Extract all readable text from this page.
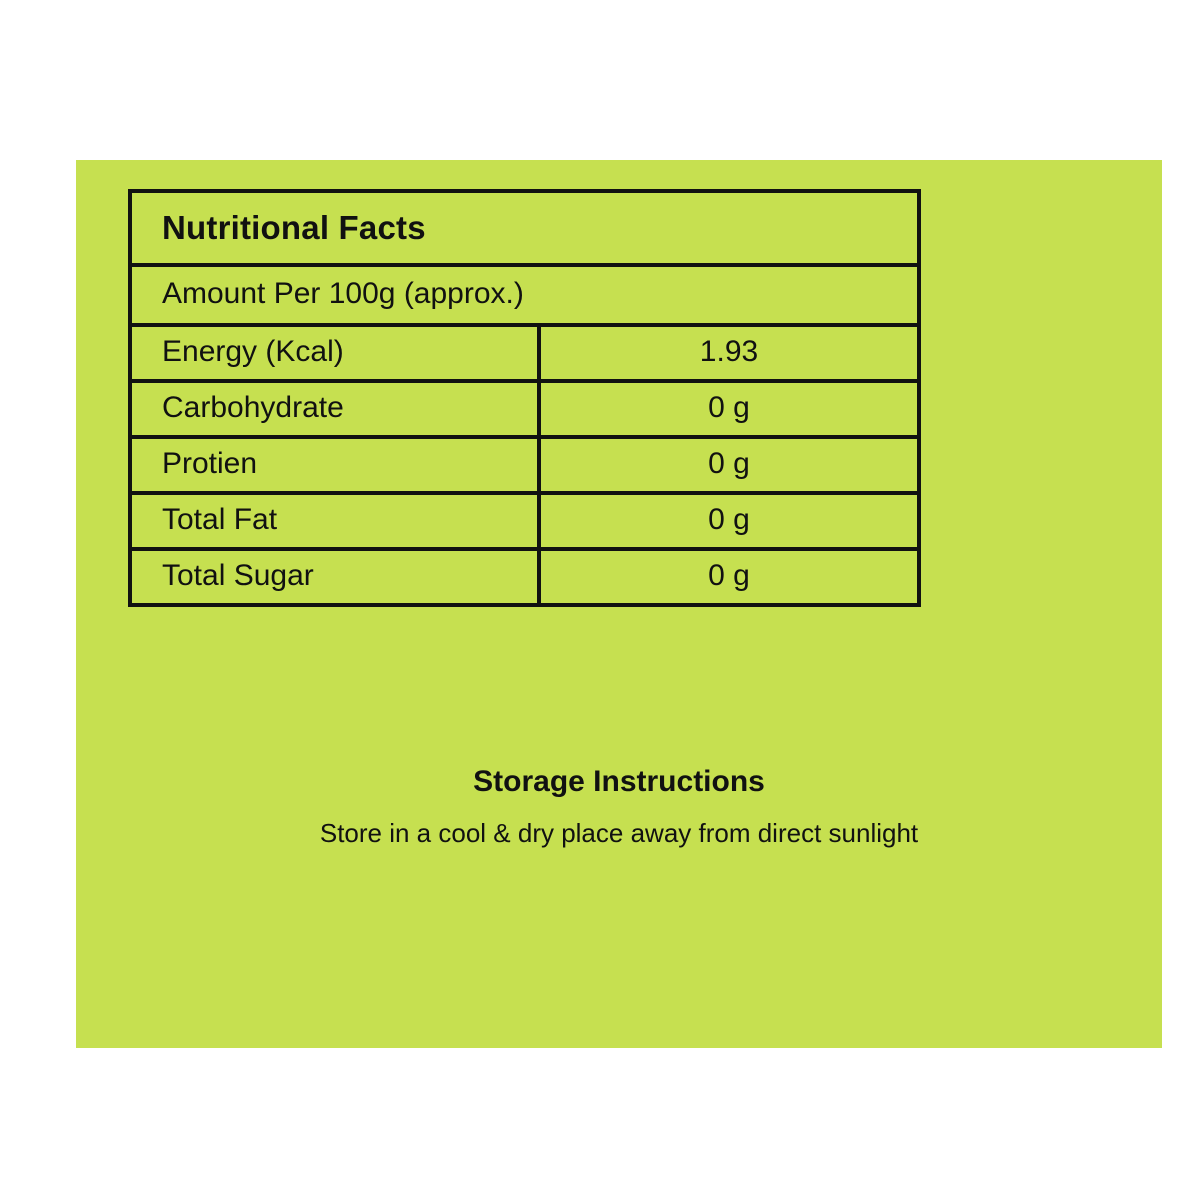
Nutritional Facts
Amount Per 100g (approx.)
Energy (Kcal)	1.93
Carbohydrate	0 g
Protien	0 g
Total Fat	0 g
Total Sugar	0 g
Storage Instructions
Store in a cool & dry place away from direct sunlight
